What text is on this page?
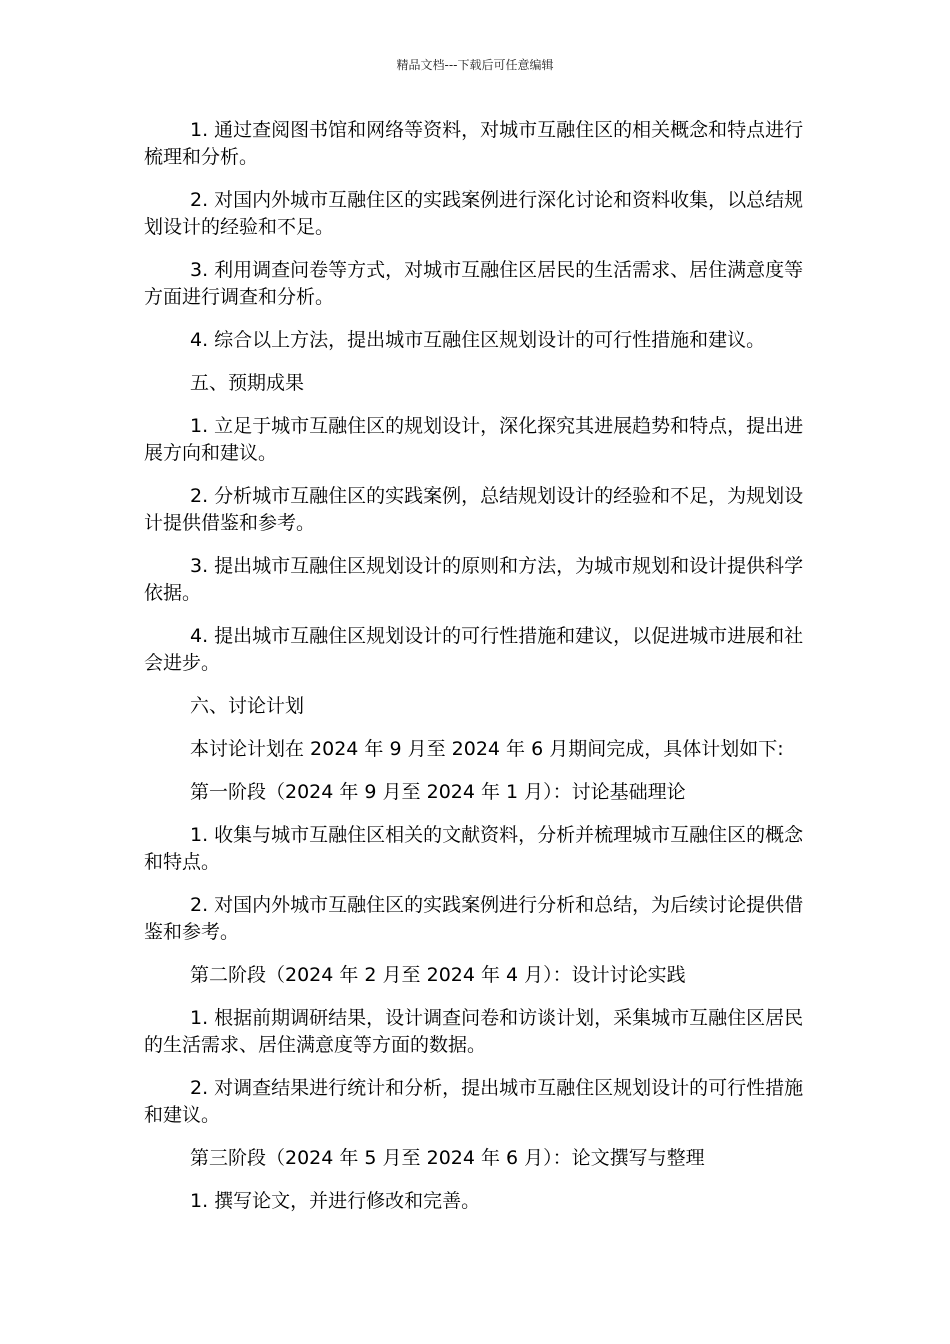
精品文档---下载后可任意编辑

1. 通过查阅图书馆和网络等资料，对城市互融住区的相关概念和特点进行梳理和分析。

2. 对国内外城市互融住区的实践案例进行深化讨论和资料收集，以总结规划设计的经验和不足。

3. 利用调查问卷等方式，对城市互融住区居民的生活需求、居住满意度等方面进行调查和分析。

4. 综合以上方法，提出城市互融住区规划设计的可行性措施和建议。

五、预期成果

1. 立足于城市互融住区的规划设计，深化探究其进展趋势和特点，提出进展方向和建议。

2. 分析城市互融住区的实践案例，总结规划设计的经验和不足，为规划设计提供借鉴和参考。

3. 提出城市互融住区规划设计的原则和方法，为城市规划和设计提供科学依据。

4. 提出城市互融住区规划设计的可行性措施和建议，以促进城市进展和社会进步。

六、讨论计划

本讨论计划在 2024 年 9 月至 2024 年 6 月期间完成，具体计划如下:

第一阶段（2024 年 9 月至 2024 年 1 月）：讨论基础理论

1. 收集与城市互融住区相关的文献资料，分析并梳理城市互融住区的概念和特点。

2. 对国内外城市互融住区的实践案例进行分析和总结，为后续讨论提供借鉴和参考。

第二阶段（2024 年 2 月至 2024 年 4 月）：设计讨论实践

1. 根据前期调研结果，设计调查问卷和访谈计划，采集城市互融住区居民的生活需求、居住满意度等方面的数据。

2. 对调查结果进行统计和分析，提出城市互融住区规划设计的可行性措施和建议。

第三阶段（2024 年 5 月至 2024 年 6 月）：论文撰写与整理

1. 撰写论文，并进行修改和完善。
